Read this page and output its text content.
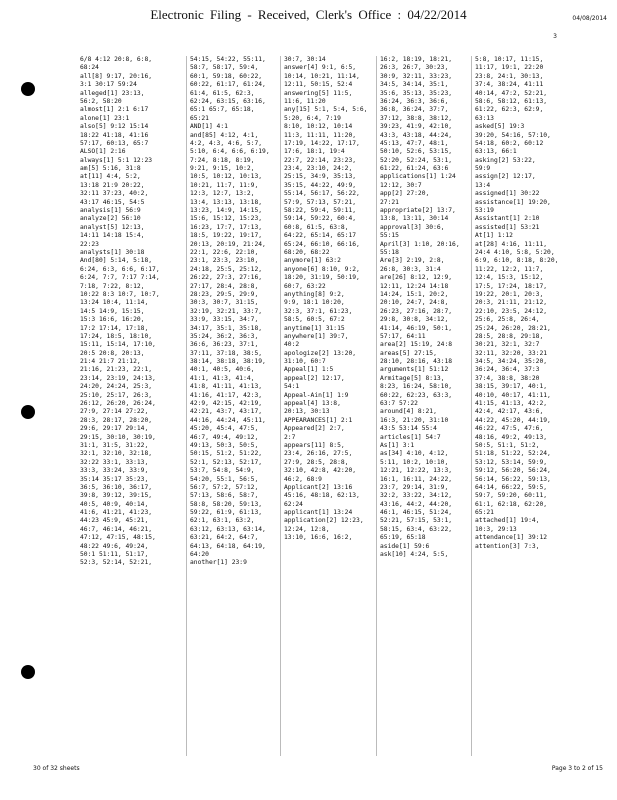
Electronic Filing - Received, Clerk's Office : 04/22/2014	04/08/2014
3
6/8 4:12 20:8, 6:8,
68:24
all[8] 9:17, 20:16,
3:1 30:17 59:24
alleged[1] 23:13,
56:2, 58:20
almost[1] 2:1 6:17
alone[1] 23:1
also[5] 9:12 15:14
18:22 41:18, 41:16
57:17, 60:13, 65:7
ALSO[1] 2:16
always[1] 5:1 12:23
am[5] 5:16, 31:8
at[11] 4:4, 5:2,
13:18 21:9 20:22,
32:11 37:23, 40:2,
43:17 46:15, 54:5
analysis[1] 56:9
analyze[2] 56:10
analyst[5] 12:13,
14:11 14:18 15:4,
22:23
analysts[1] 30:18
And[80] 5:14, 5:18,
6:24, 6:3, 6:6, 6:17,
6:24, 7:7, 7:17 7:14,
7:18, 7:22, 8:12,
10:22 8:3 10:7, 10:7,
13:24 10:4, 11:14,
14:5 14:9, 15:15,
15:3 16:6, 16:20,
17:2 17:14, 17:18,
17:24, 18:5, 18:10,
15:11, 15:14, 17:10,
20:5 20:8, 20:13,
21:4 21:7 21:12,
21:16, 21:23, 22:1,
23:14, 23:19, 24:13,
24:20, 24:24, 25:3,
25:10, 25:17, 26:3,
26:12, 26:20, 26:24,
27:9, 27:14 27:22,
28:3, 28:17, 28:20,
29:6, 29:17 29:14,
29:15, 30:10, 30:19,
31:1, 31:5, 31:22,
32:1, 32:10, 32:18,
32:22 33:1, 33:13,
33:3, 33:24, 33:9,
35:14 35:17 35:23,
36:5, 36:10, 36:17,
39:8, 39:12, 39:15,
40:5, 40:9, 40:14,
41:6, 41:21, 41:23,
44:23 45:9, 45:21,
46:7, 46:14, 46:21,
47:12, 47:15, 48:15,
48:22 49:6, 49:24,
50:1 51:11, 51:17,
52:3, 52:14, 52:21,
54:15, 54:22, 55:11,
58:7, 58:17, 59:4,
60:1, 59:18, 60:22,
60:22, 61:17, 61:24,
61:4, 61:5, 62:3,
62:24, 63:15, 63:16,
65:1 65:7, 65:18,
65:21
AND[1] 4:1
and[85] 4:12, 4:1,
4:2, 4:3, 4:6, 5:7,
5:10, 6:4, 6:6, 6:19,
7:24, 8:18, 8:19,
9:21, 9:15, 10:2,
10:5, 10:12, 10:13,
10:21, 11:7, 11:9,
12:3, 12:7, 13:2,
13:4, 13:13, 13:18,
13:23, 14:9, 14:15,
15:6, 15:12, 15:23,
16:23, 17:7, 17:13,
18:5, 19:22, 19:17,
20:13, 20:19, 21:24,
22:1, 22:6, 22:10,
23:1, 23:3, 23:10,
24:18, 25:5, 25:12,
26:22, 27:3, 27:16,
27:17, 28:4, 28:8,
28:23, 29:5, 29:9,
30:3, 30:7, 31:15,
32:19, 32:21, 33:7,
33:9, 33:15, 34:7,
34:17, 35:1, 35:18,
35:24, 36:2, 36:3,
36:6, 36:23, 37:1,
37:11, 37:18, 38:5,
38:14, 38:18, 38:19,
40:1, 40:5, 40:6,
41:1, 41:3, 41:4,
41:8, 41:11, 41:13,
41:16, 41:17, 42:3,
42:9, 42:15, 42:19,
42:21, 43:7, 43:17,
44:16, 44:24, 45:11,
45:20, 45:4, 47:5,
46:7, 49:4, 49:12,
49:13, 50:3, 50:5,
50:15, 51:2, 51:22,
52:1, 52:13, 52:17,
53:7, 54:8, 54:9,
54:20, 55:1, 56:5,
56:7, 57:2, 57:12,
57:13, 58:6, 58:7,
58:8, 58:20, 59:13,
59:22, 61:9, 61:13,
62:1, 63:1, 63:2,
63:12, 63:13, 63:14,
63:21, 64:2, 64:7,
64:13, 64:18, 64:19,
64:20
another[1] 23:9
30:7, 30:14
answer[4] 9:1, 6:5,
10:14, 10:21, 11:14,
12:11, 50:15, 52:4
answering[5] 11:5,
11:6, 11:20
any[15] 5:1, 5:4, 5:6,
5:20, 6:4, 7:19
8:10, 10:12, 10:14
11:3, 11:11, 11:20,
17:19, 14:22, 17:17,
17:6, 18:1, 19:4
22:7, 22:14, 23:23,
23:4, 23:10, 24:2,
25:15, 34:9, 35:13,
35:15, 44:22, 49:9,
55:14, 56:17, 56:22,
57:9, 57:13, 57:21,
58:22, 59:4, 59:11,
59:14, 59:22, 60:4,
60:8, 61:5, 63:8,
64:22, 65:14, 65:17
65:24, 66:10, 66:16,
68:20, 68:22
anymore[1] 63:2
anyone[6] 8:10, 9:2,
18:20, 31:19, 50:19,
60:7, 63:22
anything[8] 9:2,
9:9, 18:1 10:20,
32:3, 37:1, 61:23,
58:5, 60:5, 67:2
anytime[1] 31:15
anywhere[1] 39:7,
40:2
apologize[2] 13:20,
31:10, 60:7
Appeal[1] 1:5
appeal[2] 12:17,
54:1
Appeal-Ain[1] 1:9
appeal[4] 13:8,
20:13, 30:13
APPEARANCES[1] 2:1
Appeared[2] 2:7,
2:7
appears[11] 8:5,
23:4, 26:16, 27:5,
27:9, 28:5, 28:8,
32:10, 42:8, 42:20,
46:2, 68:9
Applicant[2] 13:16
45:16, 48:18, 62:13,
62:24
applicant[1] 13:24
application[2] 12:23,
12:24, 12:8,
13:10, 16:6, 16:2,
16:2, 18:19, 18:21,
26:3, 26:7, 30:23,
30:9, 32:11, 33:23,
34:5, 34:14, 35:1,
35:6, 35:13, 35:23,
36:24, 36:3, 36:6,
36:8, 36:24, 37:7,
37:12, 38:8, 38:12,
39:23, 41:9, 42:10,
43:3, 43:18, 44:24,
45:13, 47:7, 48:1,
50:10, 52:6, 53:15,
52:20, 52:24, 53:1,
61:22, 61:24, 63:6
applications[1] 1:24
12:12, 30:7
app[2] 27:20,
27:21
appropriate[2] 13:7,
13:8, 13:11, 30:14
approval[3] 30:6,
55:15
April[3] 1:10, 20:16,
55:18
Are[3] 2:19, 2:8,
26:8, 30:3, 31:4
are[26] 8:12, 12:9,
12:11, 12:24 14:18
14:24, 15:1, 20:2,
20:10, 24:7, 24:8,
26:23, 27:16, 28:7,
29:8, 30:8, 34:12,
41:14, 46:19, 50:1,
57:17, 64:11
area[2] 15:19, 24:8
areas[5] 27:15,
28:10, 28:16, 43:18
arguments[1] 51:12
Armitage[5] 8:13,
8:23, 16:24, 58:10,
60:22, 62:23, 63:3,
63:7 57:22
around[4] 8:21,
16:3, 21:20, 31:10
43:5 53:14 55:4
articles[1] 54:7
As[1] 3:1
as[34] 4:10, 4:12,
5:11, 10:2, 10:10,
12:21, 12:22, 13:3,
16:1, 16:11, 24:22,
23:7, 29:14, 31:9,
32:2, 33:22, 34:12,
43:16, 44:2, 44:20,
46:1, 46:15, 51:24,
52:21, 57:15, 53:1,
58:15, 63:4, 63:22,
65:19, 65:18
aside[1] 59:6
ask[10] 4:24, 5:5,
5:8, 10:17, 11:15,
11:17, 19:1, 22:20
23:8, 24:1, 30:13,
37:4, 38:24, 41:11
40:14, 47:2, 52:21,
58:6, 58:12, 61:13,
61:22, 62:3, 62:9,
63:13
asked[5] 19:3
39:20, 54:16, 57:10,
54:18, 60:2, 60:12
63:13, 66:1
asking[2] 53:22,
59:9
assign[2] 12:17,
13:4
assigned[1] 30:22
assistance[1] 19:20,
53:19
Assistant[1] 2:10
assisted[1] 53:21
At[1] 1:12
at[28] 4:16, 11:11,
24:4 4:10, 5:8, 5:20,
6:9, 6:10, 8:18, 8:20,
11:22, 12:2, 11:7,
12:4, 15:3, 15:12,
17:5, 17:24, 18:17,
19:22, 20:1, 20:3,
20:3, 21:11, 21:12,
22:10, 23:5, 24:12,
25:6, 25:8, 26:4,
25:24, 26:20, 28:21,
28:5, 28:8, 29:18,
30:21, 32:1, 32:7
32:11, 32:20, 33:21
34:5, 34:24, 35:20,
36:24, 36:4, 37:3
37:4, 38:8, 38:20
38:15, 39:17, 40:1,
40:10, 40:17, 41:11,
41:15, 41:13, 42:2,
42:4, 42:17, 43:6,
44:22, 45:20, 44:19,
46:22, 47:5, 47:6,
48:16, 49:2, 49:13,
50:5, 51:1, 51:2,
51:18, 51:22, 52:24,
53:12, 53:14, 59:9,
59:12, 56:20, 56:24,
56:14, 56:22, 59:13,
64:14, 66:22, 59:5,
59:7, 59:20, 60:11,
61:1, 62:18, 62:20,
65:21
attached[1] 19:4,
10:3, 29:13
attendance[1] 39:12
attention[3] 7:3,
30 of 32 sheets	Page 3 to 2 of 15
